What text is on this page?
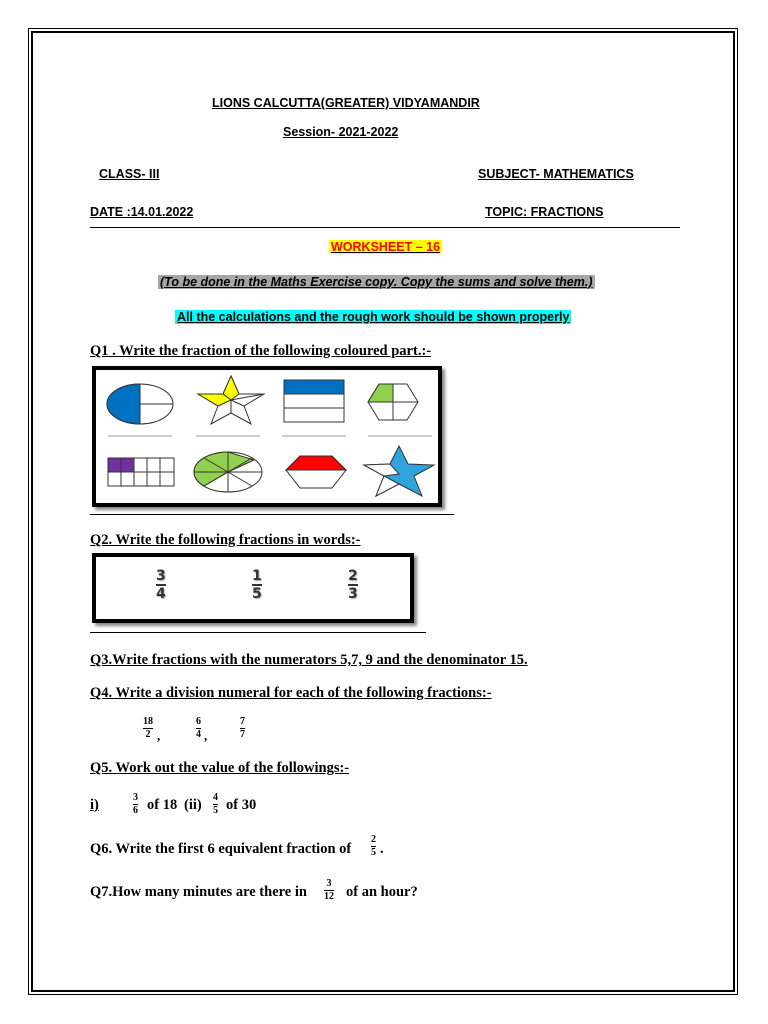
LIONS CALCUTTA(GREATER) VIDYAMANDIR
Session- 2021-2022
CLASS- III	SUBJECT- MATHEMATICS
DATE :14.01.2022	TOPIC: FRACTIONS
WORKSHEET – 16
(To be done in the Maths Exercise copy. Copy the sums and solve them.)
All the calculations and the rough work should be shown properly
Q1 . Write the fraction of the following coloured part.:-
Q2. Write the following fractions in words:-
3
4
1
5
2
3
Q3.Write fractions with the numerators 5,7, 9 and the denominator 15.
Q4. Write a division numeral for each of the following fractions:-
18
2 ,
6
4 ,
7
7
Q5. Work out the value of the followings:-
i)	3
6 of 18 (ii) 4
5 of 30
Q6. Write the first 6 equivalent fraction of
2
5 .
Q7.How many minutes are there in
3
12 of an hour?
